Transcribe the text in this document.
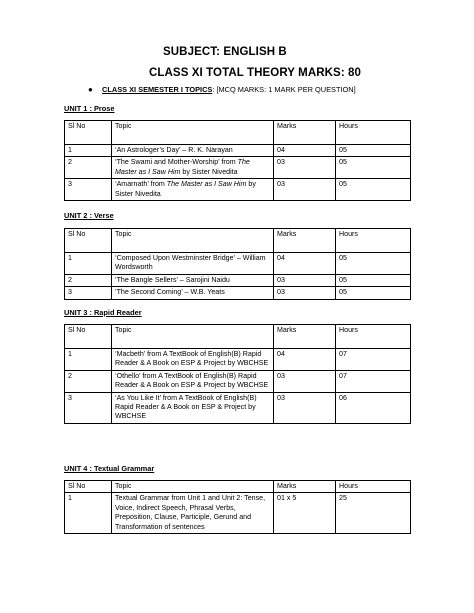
SUBJECT: ENGLISH B
CLASS XI TOTAL THEORY MARKS: 80
● CLASS XI SEMESTER I TOPICS: [MCQ MARKS: 1 MARK PER QUESTION]
UNIT 1 : Prose
Sl No	Topic	Marks	Hours
1	‘An Astrologer’s Day’ – R. K. Narayan	04	05
2	‘The Swami and Mother-Worship’ from The Master as I Saw Him by Sister Nivedita	03	05
3	‘Amarnath’ from The Master as I Saw Him by Sister Nivedita	03	05
UNIT 2 : Verse
Sl No	Topic	Marks	Hours
1	‘Composed Upon Westminster Bridge’ – William Wordsworth	04	05
2	‘The Bangle Sellers’ – Sarojini Naidu	03	05
3	‘The Second Coming’ – W.B. Yeats	03	05
UNIT 3 : Rapid Reader
Sl No	Topic	Marks	Hours
1	‘Macbeth’ from A TextBook of English(B) Rapid Reader & A Book on ESP & Project by WBCHSE	04	07
2	‘Othello’ from A TextBook of English(B) Rapid Reader & A Book on ESP & Project by WBCHSE	03	07
3	‘As You Like It’ from A TextBook of English(B) Rapid Reader & A Book on ESP & Project by WBCHSE	03	06
UNIT 4 : Textual Grammar
Sl No	Topic	Marks	Hours
1	Textual Grammar from Unit 1 and Unit 2: Tense, Voice, Indirect Speech, Phrasal Verbs, Preposition, Clause, Participle, Gerund and Transformation of sentences	01 x 5	25
